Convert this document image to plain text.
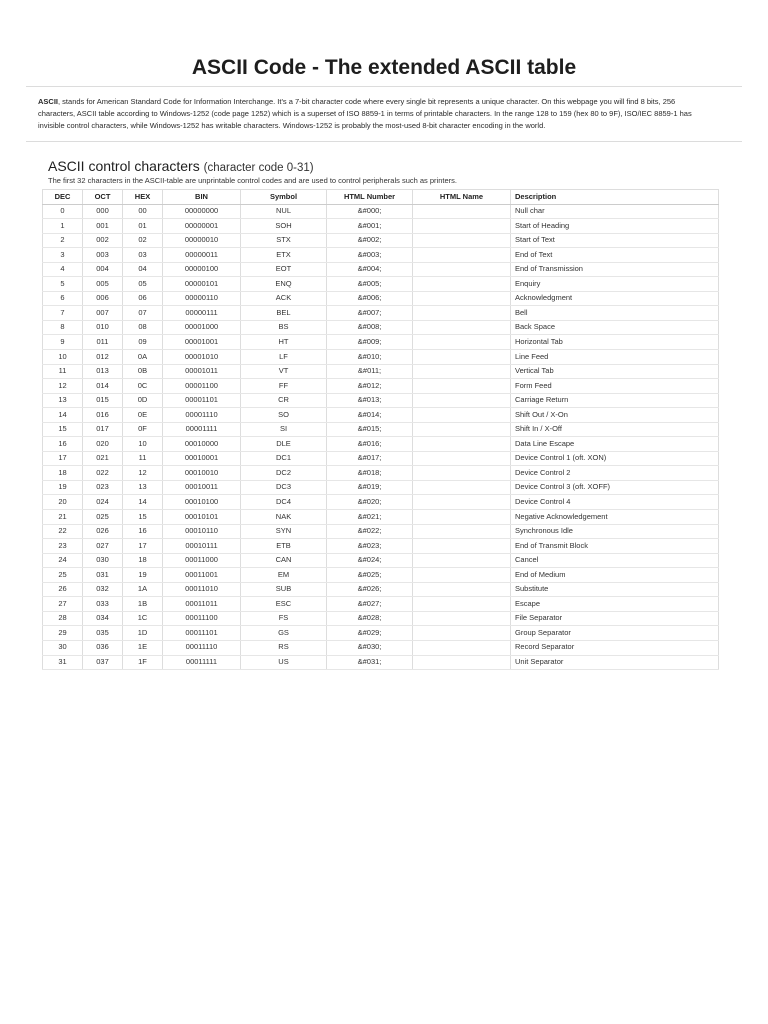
ASCII Code - The extended ASCII table

ASCII, stands for American Standard Code for Information Interchange. It's a 7-bit character code where every single bit represents a unique character. On this webpage you will find 8 bits, 256 characters, ASCII table according to Windows-1252 (code page 1252) which is a superset of ISO 8859-1 in terms of printable characters. In the range 128 to 159 (hex 80 to 9F), ISO/IEC 8859-1 has invisible control characters, while Windows-1252 has writable characters. Windows-1252 is probably the most-used 8-bit character encoding in the world.

ASCII control characters (character code 0-31)

The first 32 characters in the ASCII-table are unprintable control codes and are used to control peripherals such as printers.

DEC	OCT	HEX	BIN	Symbol	HTML Number	HTML Name	Description
0	000	00	00000000	NUL	&#000;		Null char
1	001	01	00000001	SOH	&#001;		Start of Heading
2	002	02	00000010	STX	&#002;		Start of Text
3	003	03	00000011	ETX	&#003;		End of Text
4	004	04	00000100	EOT	&#004;		End of Transmission
5	005	05	00000101	ENQ	&#005;		Enquiry
6	006	06	00000110	ACK	&#006;		Acknowledgment
7	007	07	00000111	BEL	&#007;		Bell
8	010	08	00001000	BS	&#008;		Back Space
9	011	09	00001001	HT	&#009;		Horizontal Tab
10	012	0A	00001010	LF	&#010;		Line Feed
11	013	0B	00001011	VT	&#011;		Vertical Tab
12	014	0C	00001100	FF	&#012;		Form Feed
13	015	0D	00001101	CR	&#013;		Carriage Return
14	016	0E	00001110	SO	&#014;		Shift Out / X-On
15	017	0F	00001111	SI	&#015;		Shift In / X-Off
16	020	10	00010000	DLE	&#016;		Data Line Escape
17	021	11	00010001	DC1	&#017;		Device Control 1 (oft. XON)
18	022	12	00010010	DC2	&#018;		Device Control 2
19	023	13	00010011	DC3	&#019;		Device Control 3 (oft. XOFF)
20	024	14	00010100	DC4	&#020;		Device Control 4
21	025	15	00010101	NAK	&#021;		Negative Acknowledgement
22	026	16	00010110	SYN	&#022;		Synchronous Idle
23	027	17	00010111	ETB	&#023;		End of Transmit Block
24	030	18	00011000	CAN	&#024;		Cancel
25	031	19	00011001	EM	&#025;		End of Medium
26	032	1A	00011010	SUB	&#026;		Substitute
27	033	1B	00011011	ESC	&#027;		Escape
28	034	1C	00011100	FS	&#028;		File Separator
29	035	1D	00011101	GS	&#029;		Group Separator
30	036	1E	00011110	RS	&#030;		Record Separator
31	037	1F	00011111	US	&#031;		Unit Separator
